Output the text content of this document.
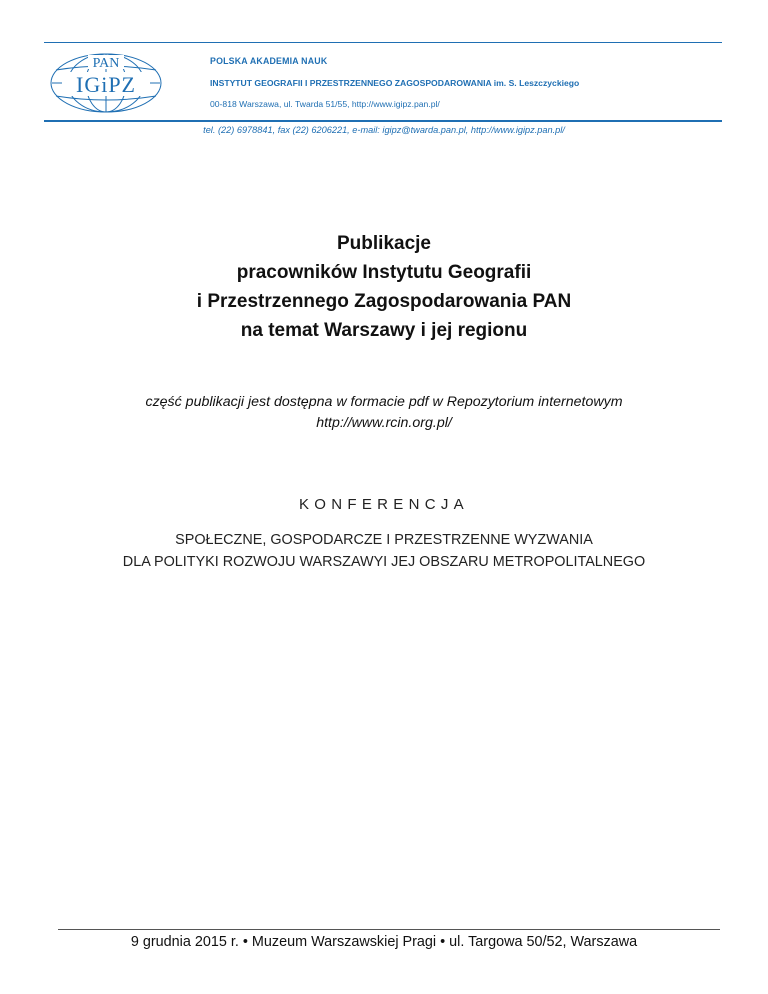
PAN
IGiPZ
POLSKA AKADEMIA NAUK
INSTYTUT GEOGRAFII I PRZESTRZENNEGO ZAGOSPODAROWANIA im. S. Leszczyckiego
00-818 Warszawa, ul. Twarda 51/55, http://www.igipz.pan.pl/
tel. (22) 6978841, fax (22) 6206221, e-mail: igipz@twarda.pan.pl, http://www.igipz.pan.pl/
Publikacje
pracowników Instytutu Geografii
i Przestrzennego Zagospodarowania PAN
na temat Warszawy i jej regionu
część publikacji jest dostępna w formacie pdf w Repozytorium internetowym
http://www.rcin.org.pl/
KONFERENCJA
SPOŁECZNE, GOSPODARCZE I PRZESTRZENNE WYZWANIA
DLA POLITYKI ROZWOJU WARSZAWYI JEJ OBSZARU METROPOLITALNEGO
9 grudnia 2015 r. • Muzeum Warszawskiej Pragi • ul. Targowa 50/52, Warszawa
